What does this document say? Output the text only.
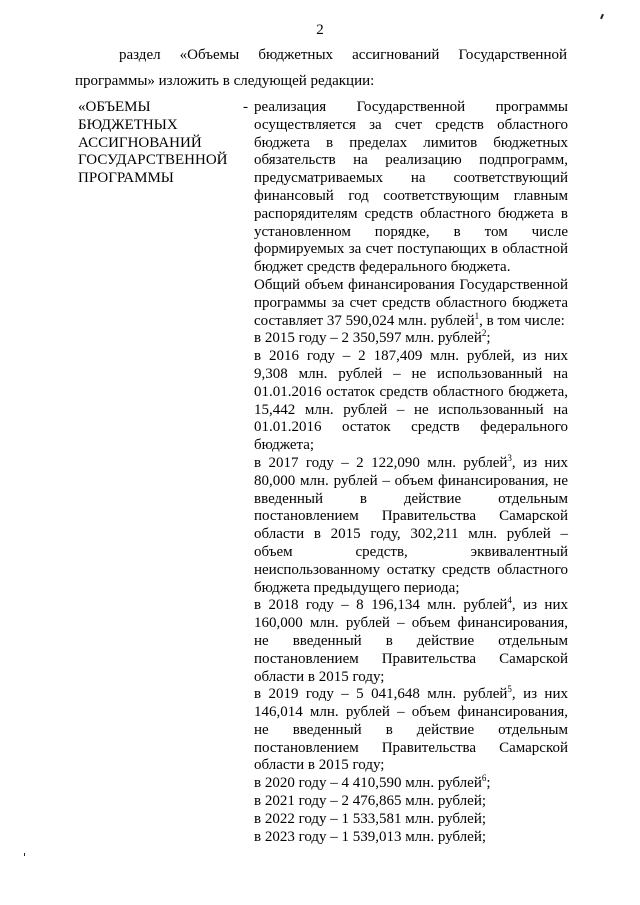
2
раздел «Объемы бюджетных ассигнований Государственной
программы» изложить в следующей редакции:
«ОБЪЕМЫ БЮДЖЕТНЫХ АССИГНОВАНИЙ ГОСУДАРСТВЕННОЙ ПРОГРАММЫ
- реализация Государственной программы осуществляется за счет средств областного бюджета в пределах лимитов бюджетных обязательств на реализацию подпрограмм, предусматриваемых на соответствующий финансовый год соответствующим главным распорядителям средств областного бюджета в установленном порядке, в том числе формируемых за счет поступающих в областной бюджет средств федерального бюджета.

Общий объем финансирования Государственной программы за счет средств областного бюджета составляет 37 590,024 млн. рублей$^1$, в том числе:

в 2015 году – 2 350,597 млн. рублей$^2$;

в 2016 году – 2 187,409 млн. рублей, из них 9,308 млн. рублей – не использованный на 01.01.2016 остаток средств областного бюджета, 15,442 млн. рублей – не использованный на 01.01.2016 остаток средств федерального бюджета;

в 2017 году – 2 122,090 млн. рублей$^3$, из них 80,000 млн. рублей – объем финансирования, не введенный в действие отдельным постановлением Правительства Самарской области в 2015 году, 302,211 млн. рублей – объем средств, эквивалентный неиспользованному остатку средств областного бюджета предыдущего периода;

в 2018 году – 8 196,134 млн. рублей$^4$, из них 160,000 млн. рублей – объем финансирования, не введенный в действие отдельным постановлением Правительства Самарской области в 2015 году;

в 2019 году – 5 041,648 млн. рублей$^5$, из них 146,014 млн. рублей – объем финансирования, не введенный в действие отдельным постановлением Правительства Самарской области в 2015 году;

в 2020 году – 4 410,590 млн. рублей$^6$;

в 2021 году – 2 476,865 млн. рублей;

в 2022 году – 1 533,581 млн. рублей;

в 2023 году – 1 539,013 млн. рублей;
